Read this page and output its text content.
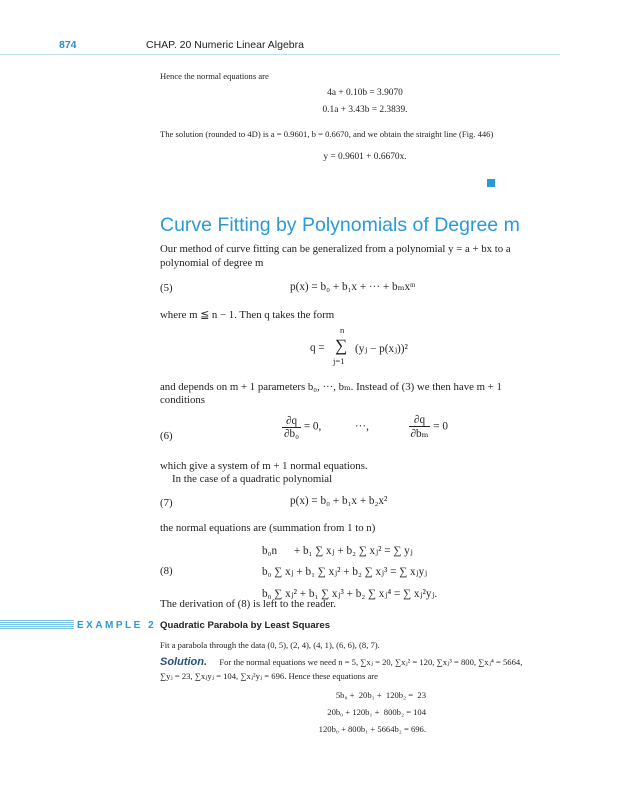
874	CHAP. 20 Numeric Linear Algebra
Hence the normal equations are
4a + 0.10b = 3.9070
0.1a + 3.43b = 2.3839.
The solution (rounded to 4D) is a = 0.9601, b = 0.6670, and we obtain the straight line (Fig. 446)
y = 0.9601 + 0.6670x.
Curve Fitting by Polynomials of Degree m
Our method of curve fitting can be generalized from a polynomial y = a + bx to a
polynomial of degree m
(5)	p(x) = b₀ + b₁x + ··· + bₘxᵐ
where m ≦ n − 1. Then q takes the form
q =
n
∑
j=1
(yⱼ − p(xⱼ))²
and depends on m + 1 parameters b₀, ···, bₘ. Instead of (3) we then have m + 1
conditions
(6)	$\frac{\partial q}{\text{∂b₀}} = 0$,	···,	$\frac{\partial q}{\text{∂bₘ}} = 0$
which give a system of m + 1 normal equations.
In the case of a quadratic polynomial
(7)	p(x) = b₀ + b₁x + b₂x²
the normal equations are (summation from 1 to n)
(8)
b₀n      + b₁ ∑ xⱼ + b₂ ∑ xⱼ² = ∑ yⱼ
b₀ ∑ xⱼ + b₁ ∑ xⱼ² + b₂ ∑ xⱼ³ = ∑ xⱼyⱼ
b₀ ∑ xⱼ² + b₁ ∑ xⱼ³ + b₂ ∑ xⱼ⁴ = ∑ xⱼ²yⱼ.
The derivation of (8) is left to the reader.
EXAMPLE 2 Quadratic Parabola by Least Squares
Fit a parabola through the data (0, 5), (2, 4), (4, 1), (6, 6), (8, 7).
Solution. For the normal equations we need n = 5, ∑xⱼ = 20, ∑xⱼ² = 120, ∑xⱼ³ = 800, ∑xⱼ⁴ = 5664,
∑yⱼ = 23, ∑xⱼyⱼ = 104, ∑xⱼ²yⱼ = 696. Hence these equations are
5b₀ +  20b₁ +  120b₂ =  23
20b₀ + 120b₁ +  800b₂ = 104
120b₀ + 800b₁ + 5664b₂ = 696.
